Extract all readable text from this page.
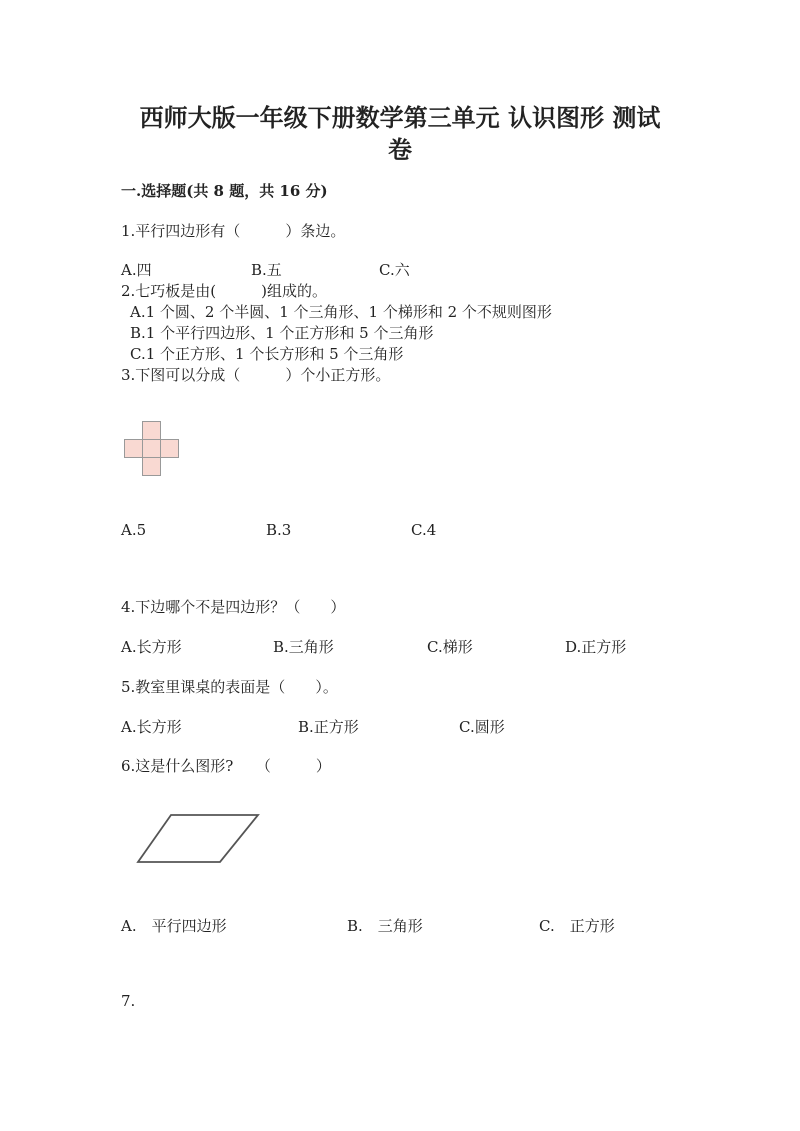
西师大版一年级下册数学第三单元 认识图形 测试
卷
一.选择题(共 8 题，共 16 分)
1.平行四边形有（　　　）条边。
A.四	B.五	C.六
2.七巧板是由(　　　)组成的。
A.1 个圆、2 个半圆、1 个三角形、1 个梯形和 2 个不规则图形
B.1 个平行四边形、1 个正方形和 5 个三角形
C.1 个正方形、1 个长方形和 5 个三角形
3.下图可以分成（　　　）个小正方形。
A.5	B.3	C.4
4.下边哪个不是四边形？（　　）
A.长方形	B.三角形	C.梯形	D.正方形
5.教室里课桌的表面是（　　）。
A.长方形	B.正方形	C.圆形
6.这是什么图形?　　（　　　）
A.　平行四边形	B.　三角形	C.　正方形
7.
